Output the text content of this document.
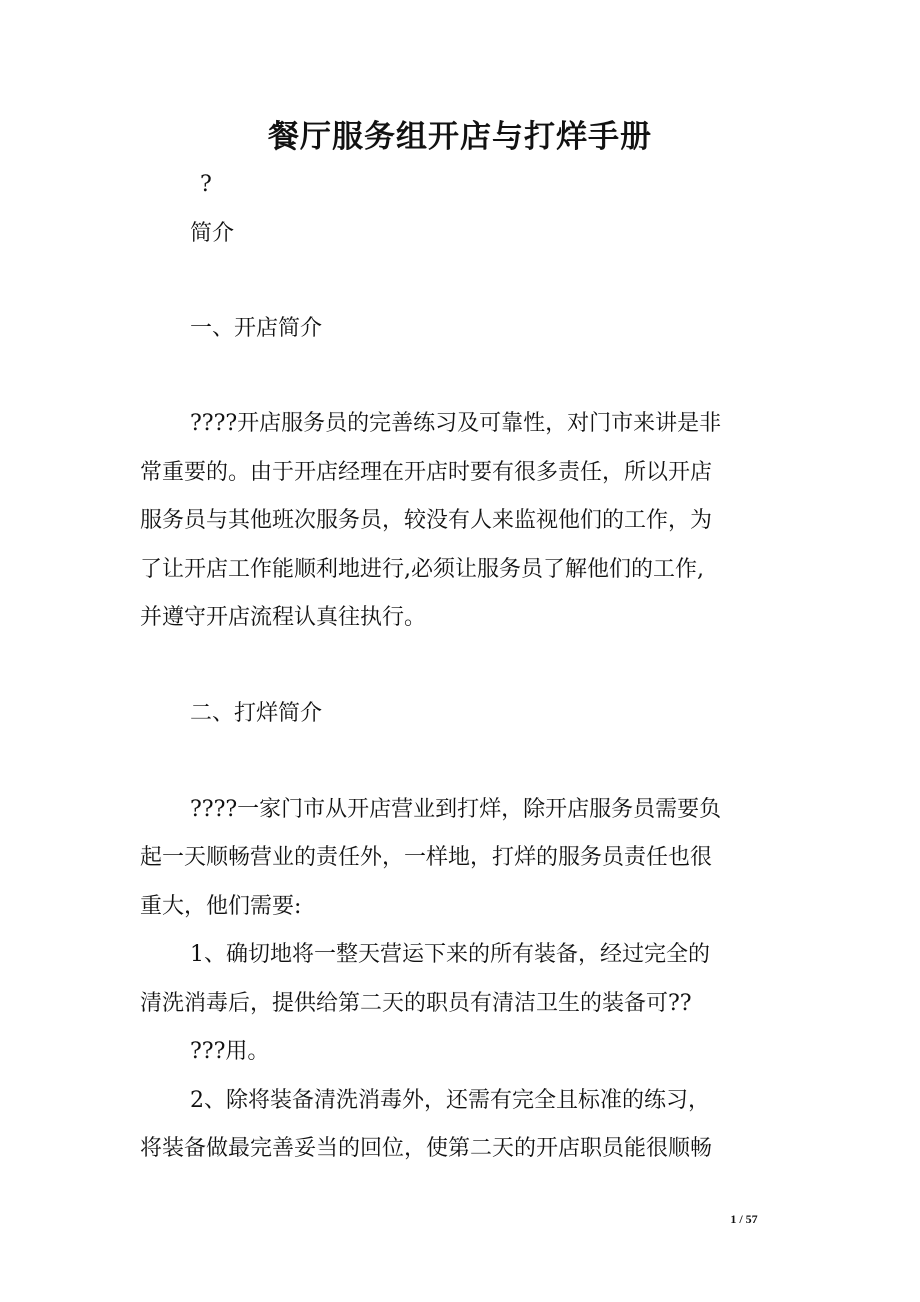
餐厅服务组开店与打烊手册

?

简介

一、开店简介

????开店服务员的完善练习及可靠性，对门市来讲是非

常重要的。由于开店经理在开店时要有很多责任，所以开店

服务员与其他班次服务员，较没有人来监视他们的工作，为

了让开店工作能顺利地进行,必须让服务员了解他们的工作,

并遵守开店流程认真往执行。

二、打烊简介

????一家门市从开店营业到打烊，除开店服务员需要负

起一天顺畅营业的责任外，一样地，打烊的服务员责任也很

重大，他们需要:

1、确切地将一整天营运下来的所有装备，经过完全的

清洗消毒后，提供给第二天的职员有清洁卫生的装备可??

???用。

2、除将装备清洗消毒外，还需有完全且标准的练习，

将装备做最完善妥当的回位，使第二天的开店职员能很顺畅

1 / 57
